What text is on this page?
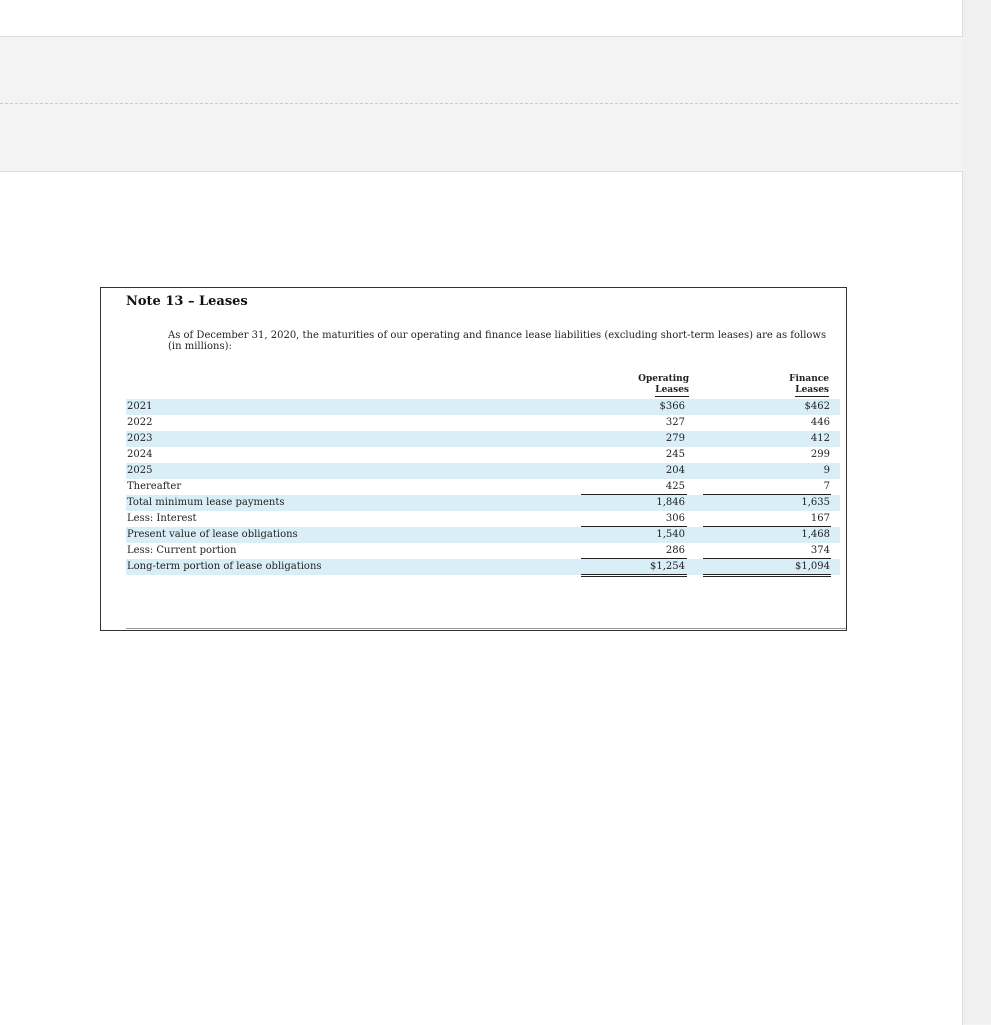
Note 13 – Leases
As of December 31, 2020, the maturities of our operating and finance lease liabilities (excluding short-term leases) are as follows (in millions):
Operating
Leases
Finance
Leases
2021	$366	$462
2022	327	446
2023	279	412
2024	245	299
2025	204	9
Thereafter	425	7
Total minimum lease payments	1,846	1,635
Less: Interest	306	167
Present value of lease obligations	1,540	1,468
Less: Current portion	286	374
Long-term portion of lease obligations	$1,254	$1,094
